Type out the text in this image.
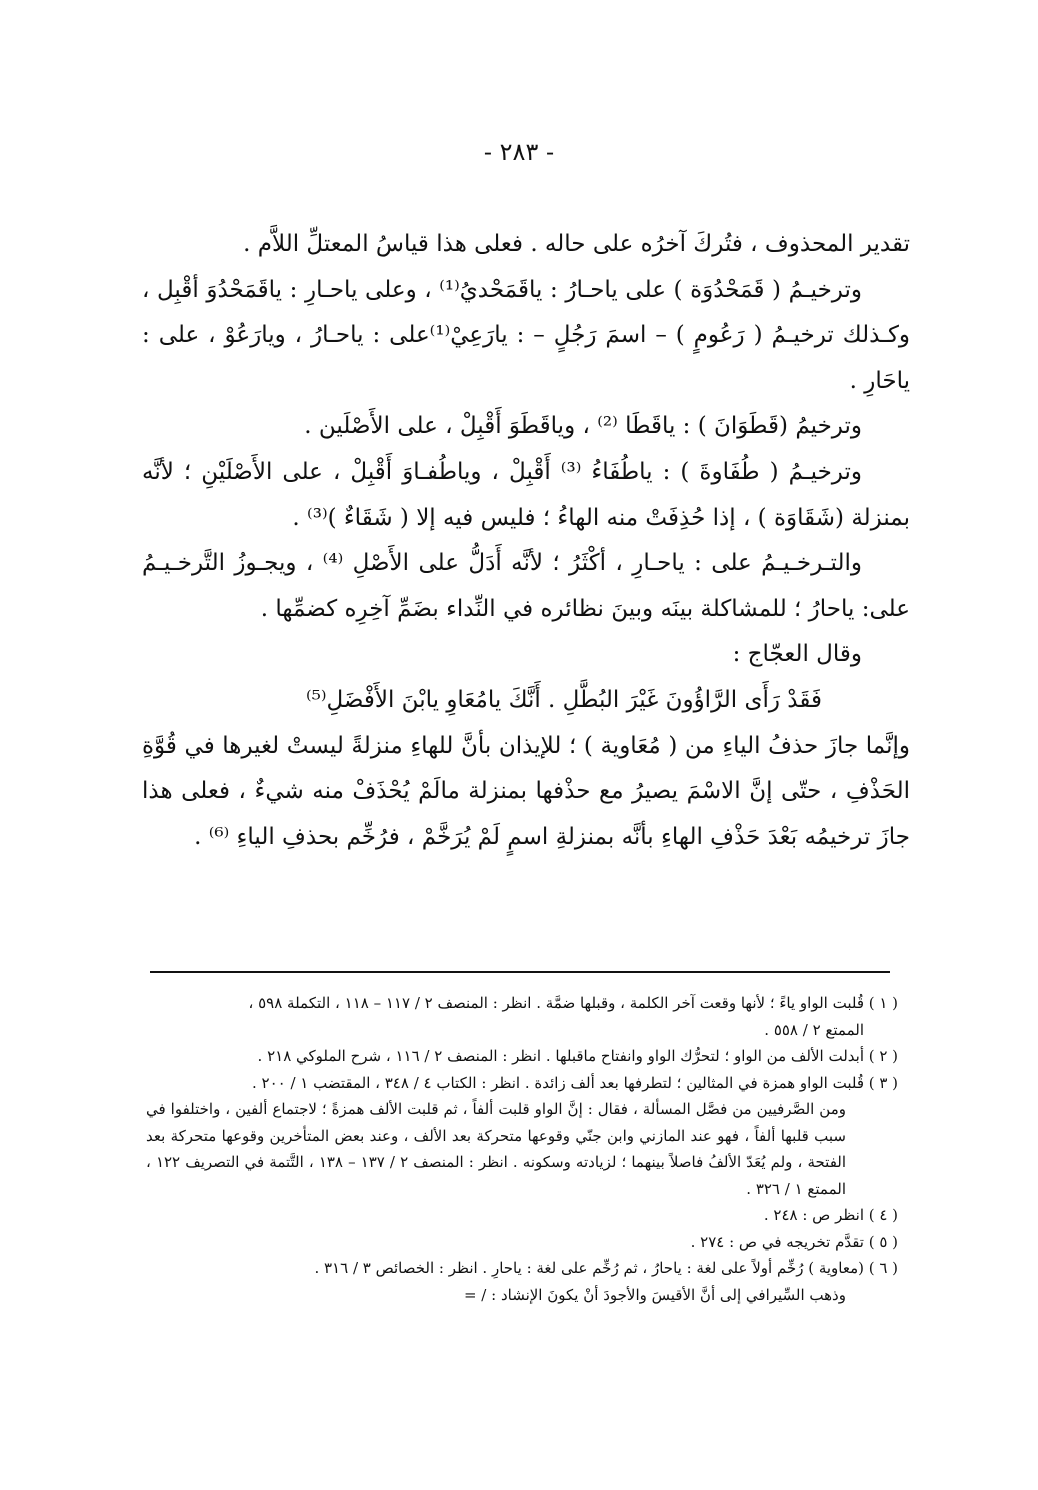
- ٢٨٣ -

تقدير المحذوف ، فتُركَ آخرُه على حاله . فعلى هذا قياسُ المعتلِّ اللاَّم .

وترخيـمُ ( قَمَحْدُوَة ) على ياحـارُ : ياقَمَحْديُ⁽¹⁾ ، وعلى ياحـارِ : ياقَمَحْدُوَ أقْبِل ، وكـذلك ترخيـمُ ( رَعُومٍ ) – اسمَ رَجُلٍ – : يارَعِيْ⁽¹⁾على : ياحـارُ ، ويارَعُوْ ، على : ياحَارِ .

وترخيمُ (قَطَوَانَ ) : ياقَطَا ⁽²⁾ ، وياقَطَوَ أَقْبِلْ ، على الأَصْلَين .

وترخيـمُ ( طُفَاوةَ ) : ياطُفَاءُ ⁽³⁾ أَقْبِلْ ، وياطُفـاوَ أَقْبِلْ ، على الأَصْلَيْنِ ؛ لأنَّه بمنزلة (شَقَاوَة ) ، إذا حُذِفَتْ منه الهاءُ ؛ فليس فيه إلا ( شَقَاءٌ )⁽³⁾ .

والتـرخـيـمُ على : ياحـارِ ، أكْثَرُ ؛ لأنَّه أَدَلُّ على الأَصْلِ ⁽⁴⁾ ، ويجـوزُ التَّرخـيـمُ على: ياحارُ ؛ للمشاكلة بينَه وبينَ نظائره في النِّداء بضَمِّ آخِرِه كضمِّها .

وقال العجّاج :

فَقَدْ رَأَى الرَّاؤُونَ غَيْرَ البُطَّلِ . أَنَّكَ يامُعَاوِ يابْنَ الأَفْضَلِ⁽⁵⁾

وإنَّما جازَ حذفُ الياءِ من ( مُعَاوية ) ؛ للإيذان بأنَّ للهاءِ منزلةً ليستْ لغيرها في قُوَّةِ الحَذْفِ ، حتّى إنَّ الاسْمَ يصيرُ مع حذْفها بمنزلة مالَمْ يُحْذَفْ منه شيءٌ ، فعلى هذا جازَ ترخيمُه بَعْدَ حَذْفِ الهاءِ بأنَّه بمنزلةِ اسمٍ لَمْ يُرَخَّمْ ، فرُخِّم بحذفِ الياءِ ⁽⁶⁾ .

( ١ )
قُلبت الواو ياءً ؛ لأنها وقعت آخر الكلمة ، وقبلها ضمَّة . انظر : المنصف ٢ / ١١٧ – ١١٨ ، التكملة ٥٩٨ ،

الممتع ٢ / ٥٥٨ .

( ٢ )
أبدلت الألف من الواو ؛ لتحرُّك الواو وانفتاح ماقبلها . انظر : المنصف ٢ / ١١٦ ، شرح الملوكي ٢١٨ .
( ٣ )
قُلبت الواو همزة في المثالين ؛ لتطرفها بعد ألف زائدة . انظر : الكتاب ٤ / ٣٤٨ ، المقتضب ١ / ٢٠٠ .

ومن الصَّرفيين من فصَّل المسألة ، فقال : إنَّ الواو قلبت ألفاً ، ثم قلبت الألف همزةً ؛ لاجتماع ألفين ، واختلفوا في سبب قلبها ألفاً ، فهو عند المازني وابن جنّي وقوعها متحركة بعد الألف ، وعند بعض المتأخرين وقوعها متحركة بعد الفتحة ، ولم يُعَدّ الألفُ فاصلاً بينهما ؛ لزيادته وسكونه . انظر : المنصف ٢ / ١٣٧ – ١٣٨ ، التَّتمة في التصريف ١٢٢ ، الممتع ١ / ٣٢٦ .

( ٤ )
انظر ص : ٢٤٨ .
( ٥ )
تقدَّم تخريجه في ص : ٢٧٤ .
( ٦ )
(معاوية ) رُخِّم أولاً على لغة : ياحارُ ، ثم رُخِّم على لغة : ياحارِ . انظر : الخصائص ٣ / ٣١٦ .

وذهب السِّيرافي إلى أنَّ الأقيسَ والأجودَ أنْ يكونَ الإنشاد : / =
